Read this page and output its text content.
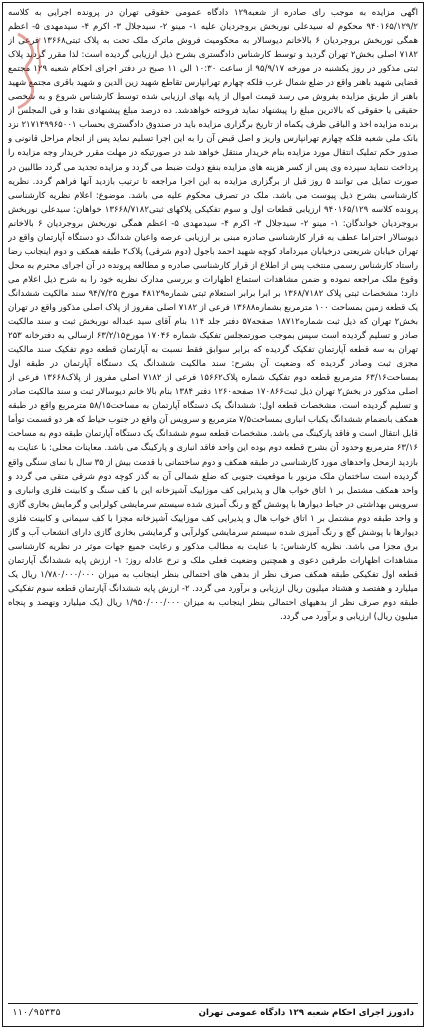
اگهی مزایده به موجب رای صادره از شعبه۱۲۹ دادگاه عمومی حقوقی تهران در پرونده اجرایی به کلاسه ۹۴۰۱۶۵/۱۲۹/۲ محکوم له سیدعلی نوربخش بروجردیان علیه ۱- مینو ۲- سیدجلال ۳- اکرم ۴- سیدمهدی ۵- اعظم همگی نوربخش بروجردیان ۶ بالاخانم دیوسالار به محکومیت فروش ماترک ملک تحت به پلاک ثبتی۱۳۶۶۸ فرعی از ۷۱۸۲ اصلی بخش۲ تهران گردید و توسط کارشناس دادگستری بشرح ذیل ارزیابی گردیده است: لذا مقرر گردید پلاک ثبتی مذکور در روز یکشنبه در مورخه ۹۵/۹/۱۷ از ساعت ۱۰:۳۰ الی ۱۱ صبح در دفتر اجرای احکام شعبه ۱۲۹ مجتمع قضایی شهید باهنر واقع در ضلع شمال غرب فلکه چهارم تهرانپارس تقاطع شهید زین الدین و شهید باقری مجتمع شهید باهنر از طریق مزایده بفروش می رسد قیمت اموال از پایه بهای ارزیابی شده توسط کارشناس شروع و به شخصی حقیقی یا حقوقی که بالاترین مبلغ را پیشنهاد نماید فروخته خواهدشد. ده درصد مبلغ پیشنهادی نقدا و فی المجلس از برنده مزایده اخذ و الباقی ظرف یکماه از تاریخ برگزاری مزایده باید در صندوق دادگستری بحساب ۲۱۷۱۴۹۹۶۵۰۰۱ نزد بانک ملی شعبه فلکه چهارم تهرانپارس واریز و اصل قبض آن را به این اجرا تسلیم نماید پس از انجام مراحل قانونی و صدور حکم تملیک انتقال مورد مزایده بنام خریدار منتقل خواهد شد در صورتیکه در مهلت مقرر خریدار وجه مزایده را پرداخت ننماید سپرده وی پس از کسر هزینه های مزایده بنفع دولت ضبط می گردد و مزایده تجدید می گردد طالبین در صورت تمایل می توانند ۵ روز قبل از برگزاری مزایده به این اجرا مراجعه تا ترتیب بازدید آنها فراهم گردد. نظریه کارشناسی بشرح ذیل پیوست می باشد. ملک در تصرف محکوم علیه می باشد. موضوع: اعلام نظریه کارشناسی پرونده کلاسه ۹۴۰۱۶۵/۱۲۹ ارزیابی قطعات اول و سوم تفکیکی پلاکهای ثبتی۱۳۶۶۸/۷۱۸۲ خواهان: سیدعلی نوربخش بروجردیان خواندگان: ۱- مینو ۲- سیدجلال ۳- اکرم ۴- سیدمهدی ۵- اعظم همگی نوربخش بروجردیان ۶ بالاخانم دیوسالار احتراما عطف به قرار کارشناسی صادره مبنی بر ارزیابی عرصه واعیان شدانگ دو دستگاه آپارتمان واقع در تهران خیابان شریعتی درخیابان میرداماد کوچه شهید احمد باجول (دوم شرقی) پلاک۲ طبقه همکف و دوم اینجانب رضا راستاد کارشناس رسمی منتخب پس از اطلاع از قرار کارشناسی صادره و مطالعه پرونده در آن اجرای محترم به محل وقوع ملک مراجعه نموده و ضمن مشاهدات استماع اظهارات و بررسی مدارک نظریه خود را به شرح ذیل اعلام می دارد: مشخصات ثبتی پلاک ۱۳۶۸/۷۱۸۲ بر ابرا برابر استعلام ثبتی شماره۴۸۱۲۹ مورخ ۹۴/۷/۲۵ سند مالکیت ششدانگ یک قطعه زمین بمساحت ۱۰۰ مترمربع بشماره۱۳۶۸۸ فرعی از ۷۱۸۲ اصلی مفروز از پلاک اصلی مذکور واقع در تهران بخش۲ تهران که ذیل ثبت شماره۱۸۷۱۲ صفحه۵۷ دفتر جلد ۱۱۴ بنام آقای سید عبداله نوربخش ثبت و سند مالکیت صادر و تسلیم گردیده است سپس بموجب صورتمجلس تفکیک شماره ۱۷۰۴۶ مورخ۶۳/۲/۱۵ ارسالی به دفترخانه ۲۵۳ تهران به سه قطعه آپارتمان تفکیک گردیده که برابر سوابق فقط نسبت به آپارتمان قطعه دوم تفکیک سند مالکیت مجزی ثبت وصادر گردیده که وضعیت آن بشرح: سند مالکیت ششدانگ یک دستگاه آپارتمان در طبقه اول بمساحت۶۳/۱۶ مترمربع قطعه دوم تفکیک شماره پلاک۱۵۶۶۲ فرعی از ۷۱۸۲ اصلی مفروز از پلاک۱۳۶۶۸ فرعی از اصلی مذکور در بخش۲ تهران ذیل ثبت۱۷۰۸۶۶ صفحه۱۲۶۰ دفتر ۱۳۸۴ بنام بالا خانم دیوسالار ثبت و سند مالکیت صادر و تسلیم گردیده است. مشخصات قطعه اول: ششدانگ یک دستگاه آپارتمان به مساحت۵۸/۱۵ مترمربع واقع در طبقه همکف بانضمام ششدانگ یکباب انباری بمساحت۷/۵ مترمربع و سرویس آن واقع در جنوب حیاط که هر دو قسمت توأما قابل انتقال است و فاقد پارکینگ می باشد. مشخصات قطعه سوم ششدانگ یک دستگاه آپارتمان طبقه دوم به مساحت ۶۳/۱۶ مترمربع وحدود آن بشرح قطعه دوم بوده این واحد فاقد انباری و پارکینگ می باشد. معاینات محلی: با عنایت به بازدید ازمحل واحدهای مورد کارشناسی در طبقه همکف و دوم ساختمانی با قدمت بیش از ۳۵ سال با نمای سنگی واقع گردیده است ساختمان ملک مزبور با موقعیت جنوبی که ضلع شمالی آن به گذر کوچه دوم شرقی متقی می گردد و واحد همکف مشتمل بر ۱ اتاق خواب هال و پذیرایی کف موزاییک آشپزخانه این با کف سنگ و کابینت فلزی وانباری و سرویس بهداشتی در حیاط دیوارها با پوشش گچ و رنگ آمیزی شده سیستم سرمایشی کولرابی و گرمایش بخاری گازی و واحد طبقه دوم مشتمل بر ۱ اتاق خواب هال و پذیرایی کف موزاییک آشپزخانه مجزا با کف سیمانی و کابینت فلزی دیوارها با پوشش گچ و رنگ آمیزی شده سیستم سرمایشی کولرآبی و گرمایشی بخاری گازی دارای انشعاب آب و گاز برق مجزا می باشد. نظریه کارشناس: با عنایت به مطالب مذکور و رعایت جمیع جهات موثر در نظریه کارشناسی مشاهدات اظهارات طرفین دعوی و همچنین وضعیت فعلی ملک و نرخ عادله روز: ۱- ارزش پایه ششدانگ آپارتمان قطعه اول تفکیکی طبقه همکف صرف نظر از بدهی های احتمالی بنظر اینجانب به میزان ۱/۷۸۰/۰۰۰/۰۰۰ ریال یک میلیارد و هفتصد و هشتاد میلیون ریال ارزیابی و برآورد می گردد. ۲- ارزش پایه ششدانگ آپارتمان قطعه سوم تفکیکی طبقه دوم صرف نظر از بدهیهای احتمالی بنظر اینجانب به میزان ۱/۹۵۰/۰۰۰/۰۰۰ ریال (یک میلیارد ونهصد و پنجاه میلیون ریال) ارزیابی و برآورد می گردد.

دادورز اجرای احکام شعبه ۱۲۹ دادگاه عمومی تهران
۱۱۰/۹۵۳۳۵
